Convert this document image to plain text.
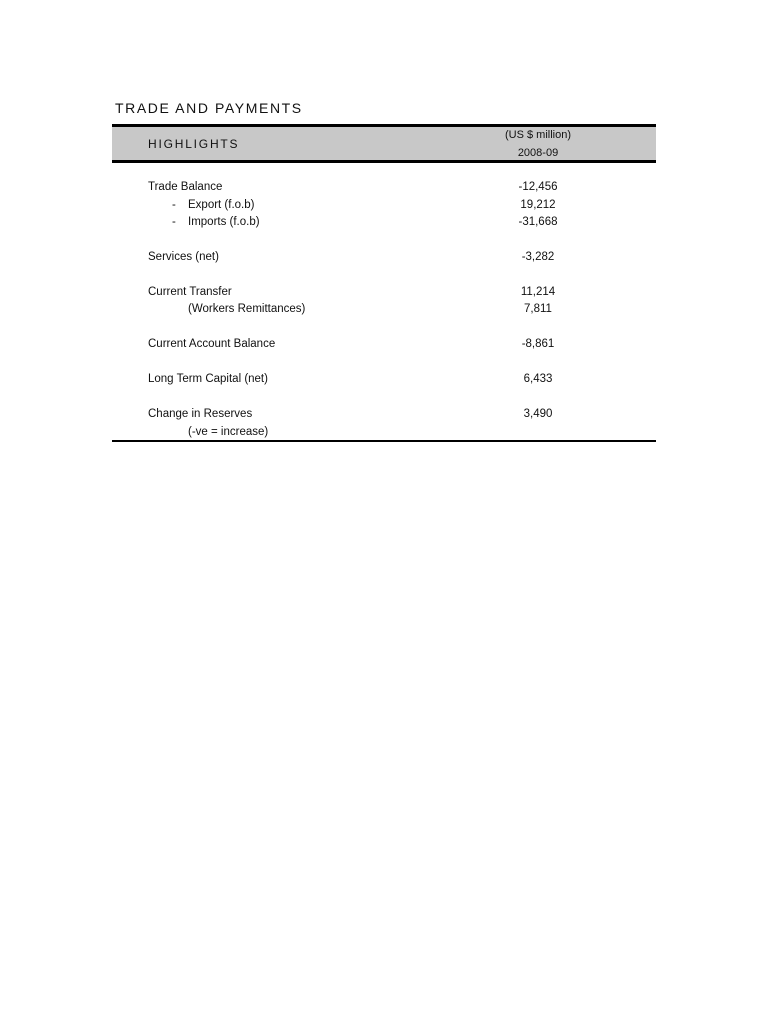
TRADE AND PAYMENTS
HIGHLIGHTS
(US $ million)
2008-09
Trade Balance	-12,456
- Export (f.o.b)	19,212
- Imports (f.o.b)	-31,668
Services (net)	-3,282
Current Transfer	11,214
(Workers Remittances)	7,811
Current Account Balance	-8,861
Long Term Capital (net)	6,433
Change in Reserves	3,490
(-ve = increase)
